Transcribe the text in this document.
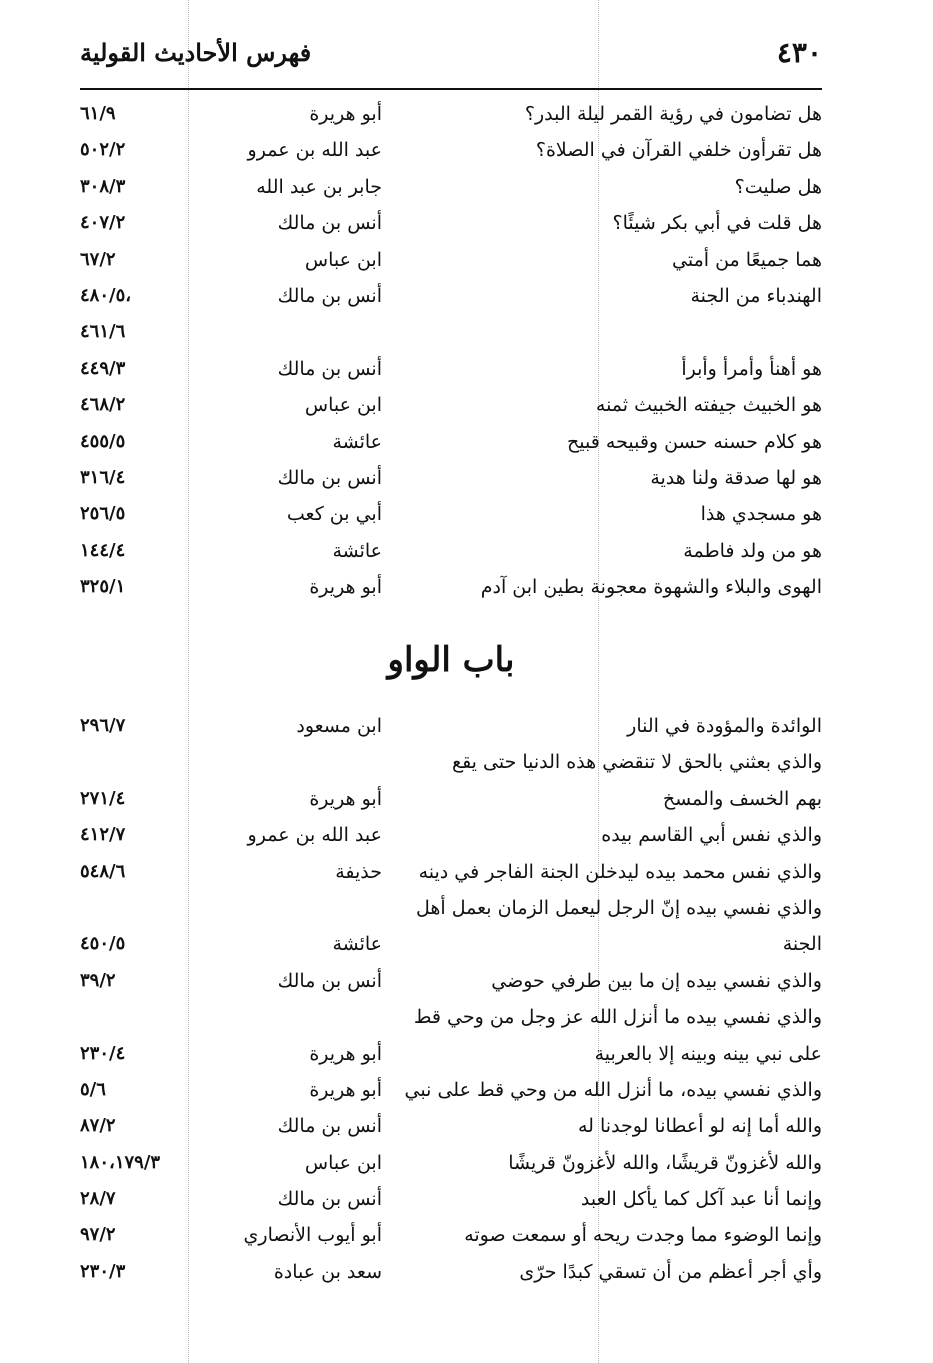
٤٣٠
فهرس الأحاديث القولية
هل تضامون في رؤية القمر ليلة البدر؟
أبو هريرة
٦١/٩
هل تقرأون خلفي القرآن في الصلاة؟
عبد الله بن عمرو
٥٠٢/٢
هل صليت؟
جابر بن عبد الله
٣٠٨/٣
هل قلت في أبي بكر شيئًا؟
أنس بن مالك
٤٠٧/٢
هما جميعًا من أمتي
ابن عباس
٦٧/٢
الهندباء من الجنة
أنس بن مالك
٤٨٠/٥،
٤٦١/٦
هو أهنأ وأمرأ وأبرأ
أنس بن مالك
٤٤٩/٣
هو الخبيث جيفته الخبيث ثمنه
ابن عباس
٤٦٨/٢
هو كلام حسنه حسن وقبيحه قبيح
عائشة
٤٥٥/٥
هو لها صدقة ولنا هدية
أنس بن مالك
٣١٦/٤
هو مسجدي هذا
أبي بن كعب
٢٥٦/٥
هو من ولد فاطمة
عائشة
١٤٤/٤
الهوى والبلاء والشهوة معجونة بطين ابن آدم
أبو هريرة
٣٢٥/١
باب الواو
الوائدة والمؤودة في النار
ابن مسعود
٢٩٦/٧
والذي بعثني بالحق لا تنقضي هذه الدنيا حتى يقع
بهم الخسف والمسخ
أبو هريرة
٢٧١/٤
والذي نفس أبي القاسم بيده
عبد الله بن عمرو
٤١٢/٧
والذي نفس محمد بيده ليدخلن الجنة الفاجر في دينه
حذيفة
٥٤٨/٦
والذي نفسي بيده إنّ الرجل ليعمل الزمان بعمل أهل
الجنة
عائشة
٤٥٠/٥
والذي نفسي بيده إن ما بين طرفي حوضي
أنس بن مالك
٣٩/٢
والذي نفسي بيده ما أنزل الله عز وجل من وحي قط
على نبي بينه وبينه إلا بالعربية
أبو هريرة
٢٣٠/٤
والذي نفسي بيده، ما أنزل الله من وحي قط على نبي
أبو هريرة
٥/٦
والله أما إنه لو أعطانا لوجدنا له
أنس بن مالك
٨٧/٢
والله لأغزونّ قريشًا، والله لأغزونّ قريشًا
ابن عباس
١٨٠،١٧٩/٣
وإنما أنا عبد آكل كما يأكل العبد
أنس بن مالك
٢٨/٧
وإنما الوضوء مما وجدت ريحه أو سمعت صوته
أبو أيوب الأنصاري
٩٧/٢
وأي أجر أعظم من أن تسقي كبدًا حرّى
سعد بن عبادة
٢٣٠/٣
